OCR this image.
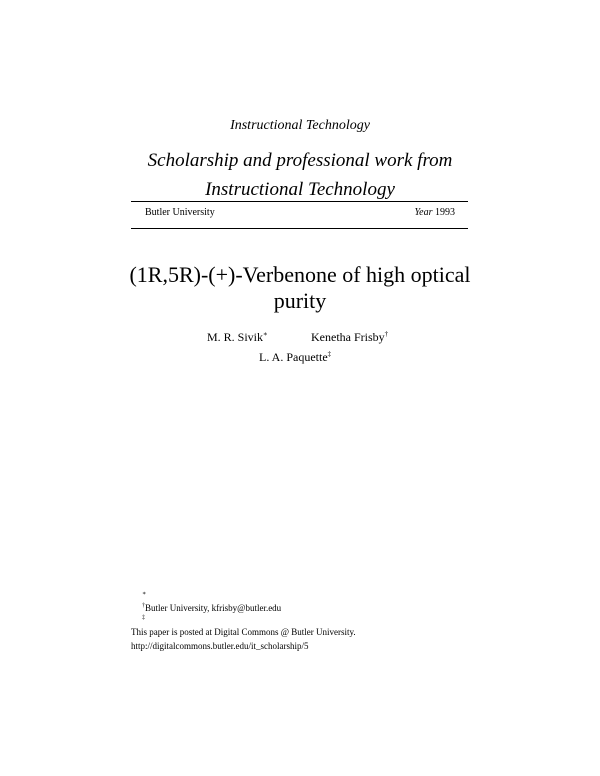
Instructional Technology
Scholarship and professional work from
Instructional Technology
Butler University	Year 1993
(1R,5R)-(+)-Verbenone of high optical
purity
M. R. Sivik∗	Kenetha Frisby†
L. A. Paquette‡
∗
†Butler University, kfrisby@butler.edu
‡
This paper is posted at Digital Commons @ Butler University.
http://digitalcommons.butler.edu/it_scholarship/5
